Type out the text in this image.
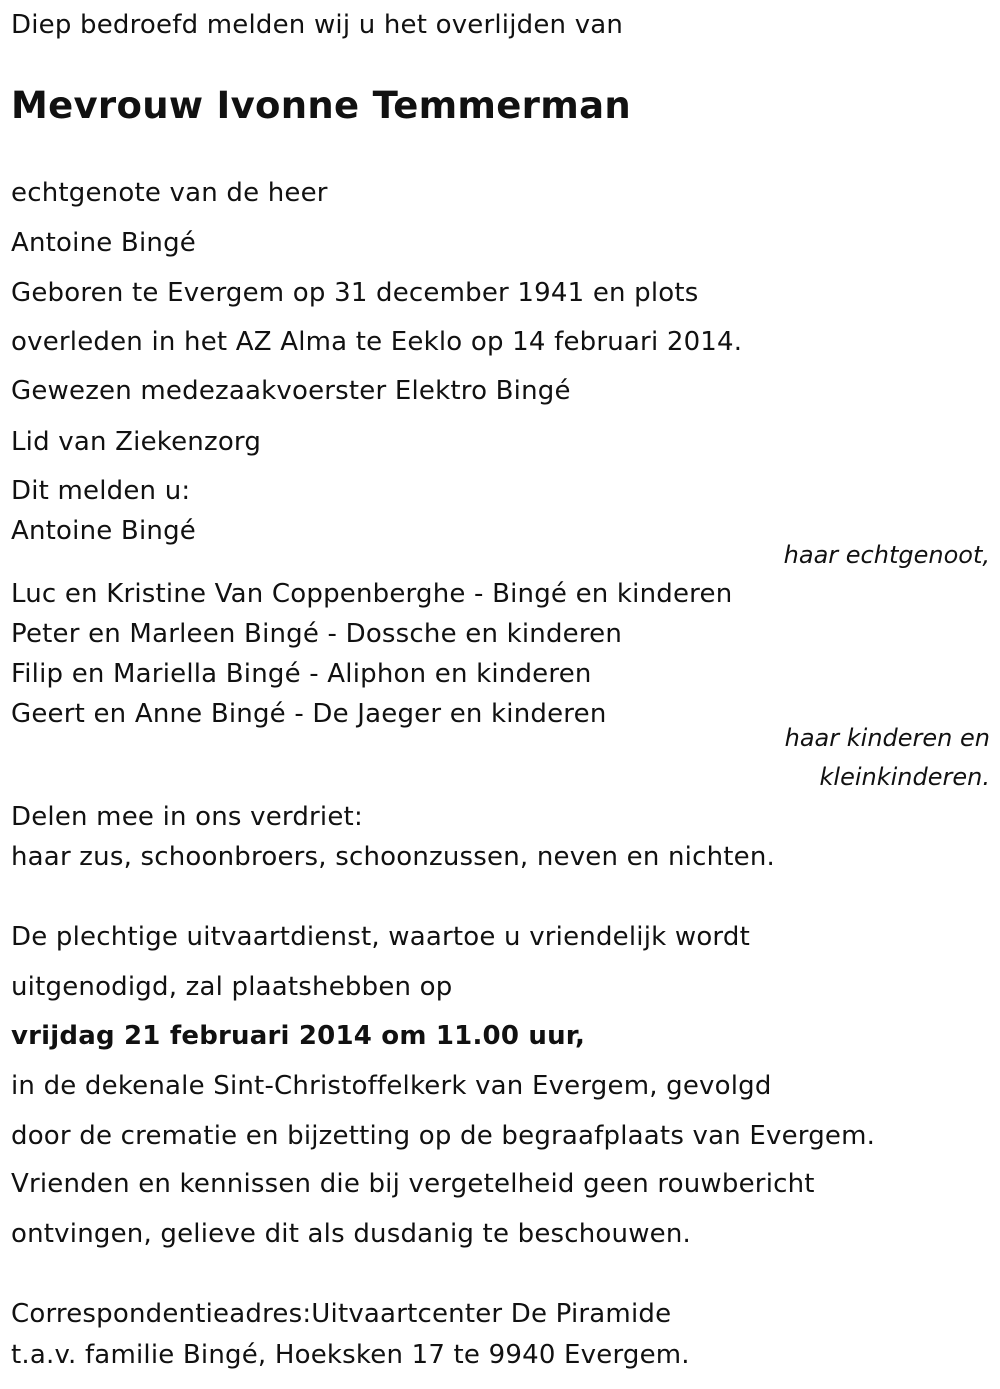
Diep bedroefd melden wij u het overlijden van
Mevrouw Ivonne Temmerman
echtgenote van de heer
Antoine Bingé
Geboren te Evergem op 31 december 1941 en plots
overleden in het AZ Alma te Eeklo op 14 februari 2014.
Gewezen medezaakvoerster Elektro Bingé
Lid van Ziekenzorg
Dit melden u:
Antoine Bingé
haar echtgenoot,
Luc en Kristine Van Coppenberghe - Bingé en kinderen
Peter en Marleen Bingé - Dossche en kinderen
Filip en Mariella Bingé - Aliphon en kinderen
Geert en Anne Bingé - De Jaeger en kinderen
haar kinderen en
kleinkinderen.
Delen mee in ons verdriet:
haar zus, schoonbroers, schoonzussen, neven en nichten.
De plechtige uitvaartdienst, waartoe u vriendelijk wordt
uitgenodigd, zal plaatshebben op
vrijdag 21 februari 2014 om 11.00 uur,
in de dekenale Sint-Christoffelkerk van Evergem, gevolgd
door de crematie en bijzetting op de begraafplaats van Evergem.
Vrienden en kennissen die bij vergetelheid geen rouwbericht
ontvingen, gelieve dit als dusdanig te beschouwen.
Correspondentieadres:Uitvaartcenter De Piramide
t.a.v. familie Bingé, Hoeksken 17 te 9940 Evergem.
